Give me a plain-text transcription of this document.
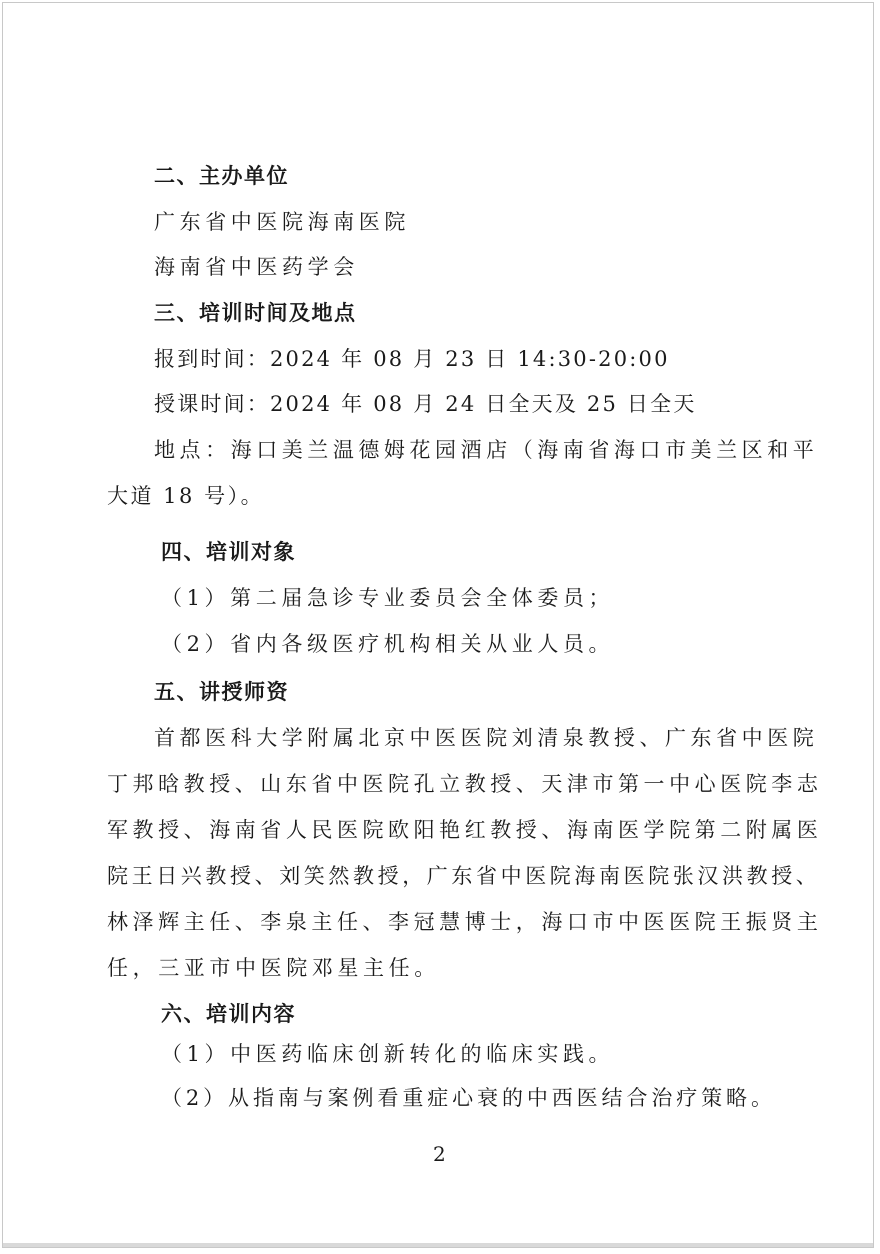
二、主办单位
广东省中医院海南医院
海南省中医药学会
三、培训时间及地点
报到时间：2024 年 08 月 23 日 14:30-20:00
授课时间：2024 年 08 月 24 日全天及 25 日全天
地点：海口美兰温德姆花园酒店（海南省海口市美兰区和平
大道 18 号）。
四、培训对象
（1）第二届急诊专业委员会全体委员；
（2）省内各级医疗机构相关从业人员。
五、讲授师资
首都医科大学附属北京中医医院刘清泉教授、广东省中医院
丁邦晗教授、山东省中医院孔立教授、天津市第一中心医院李志
军教授、海南省人民医院欧阳艳红教授、海南医学院第二附属医
院王日兴教授、刘笑然教授，广东省中医院海南医院张汉洪教授、
林泽辉主任、李泉主任、李冠慧博士，海口市中医医院王振贤主
任，三亚市中医院邓星主任。
六、培训内容
（1）中医药临床创新转化的临床实践。
（2）从指南与案例看重症心衰的中西医结合治疗策略。
2
